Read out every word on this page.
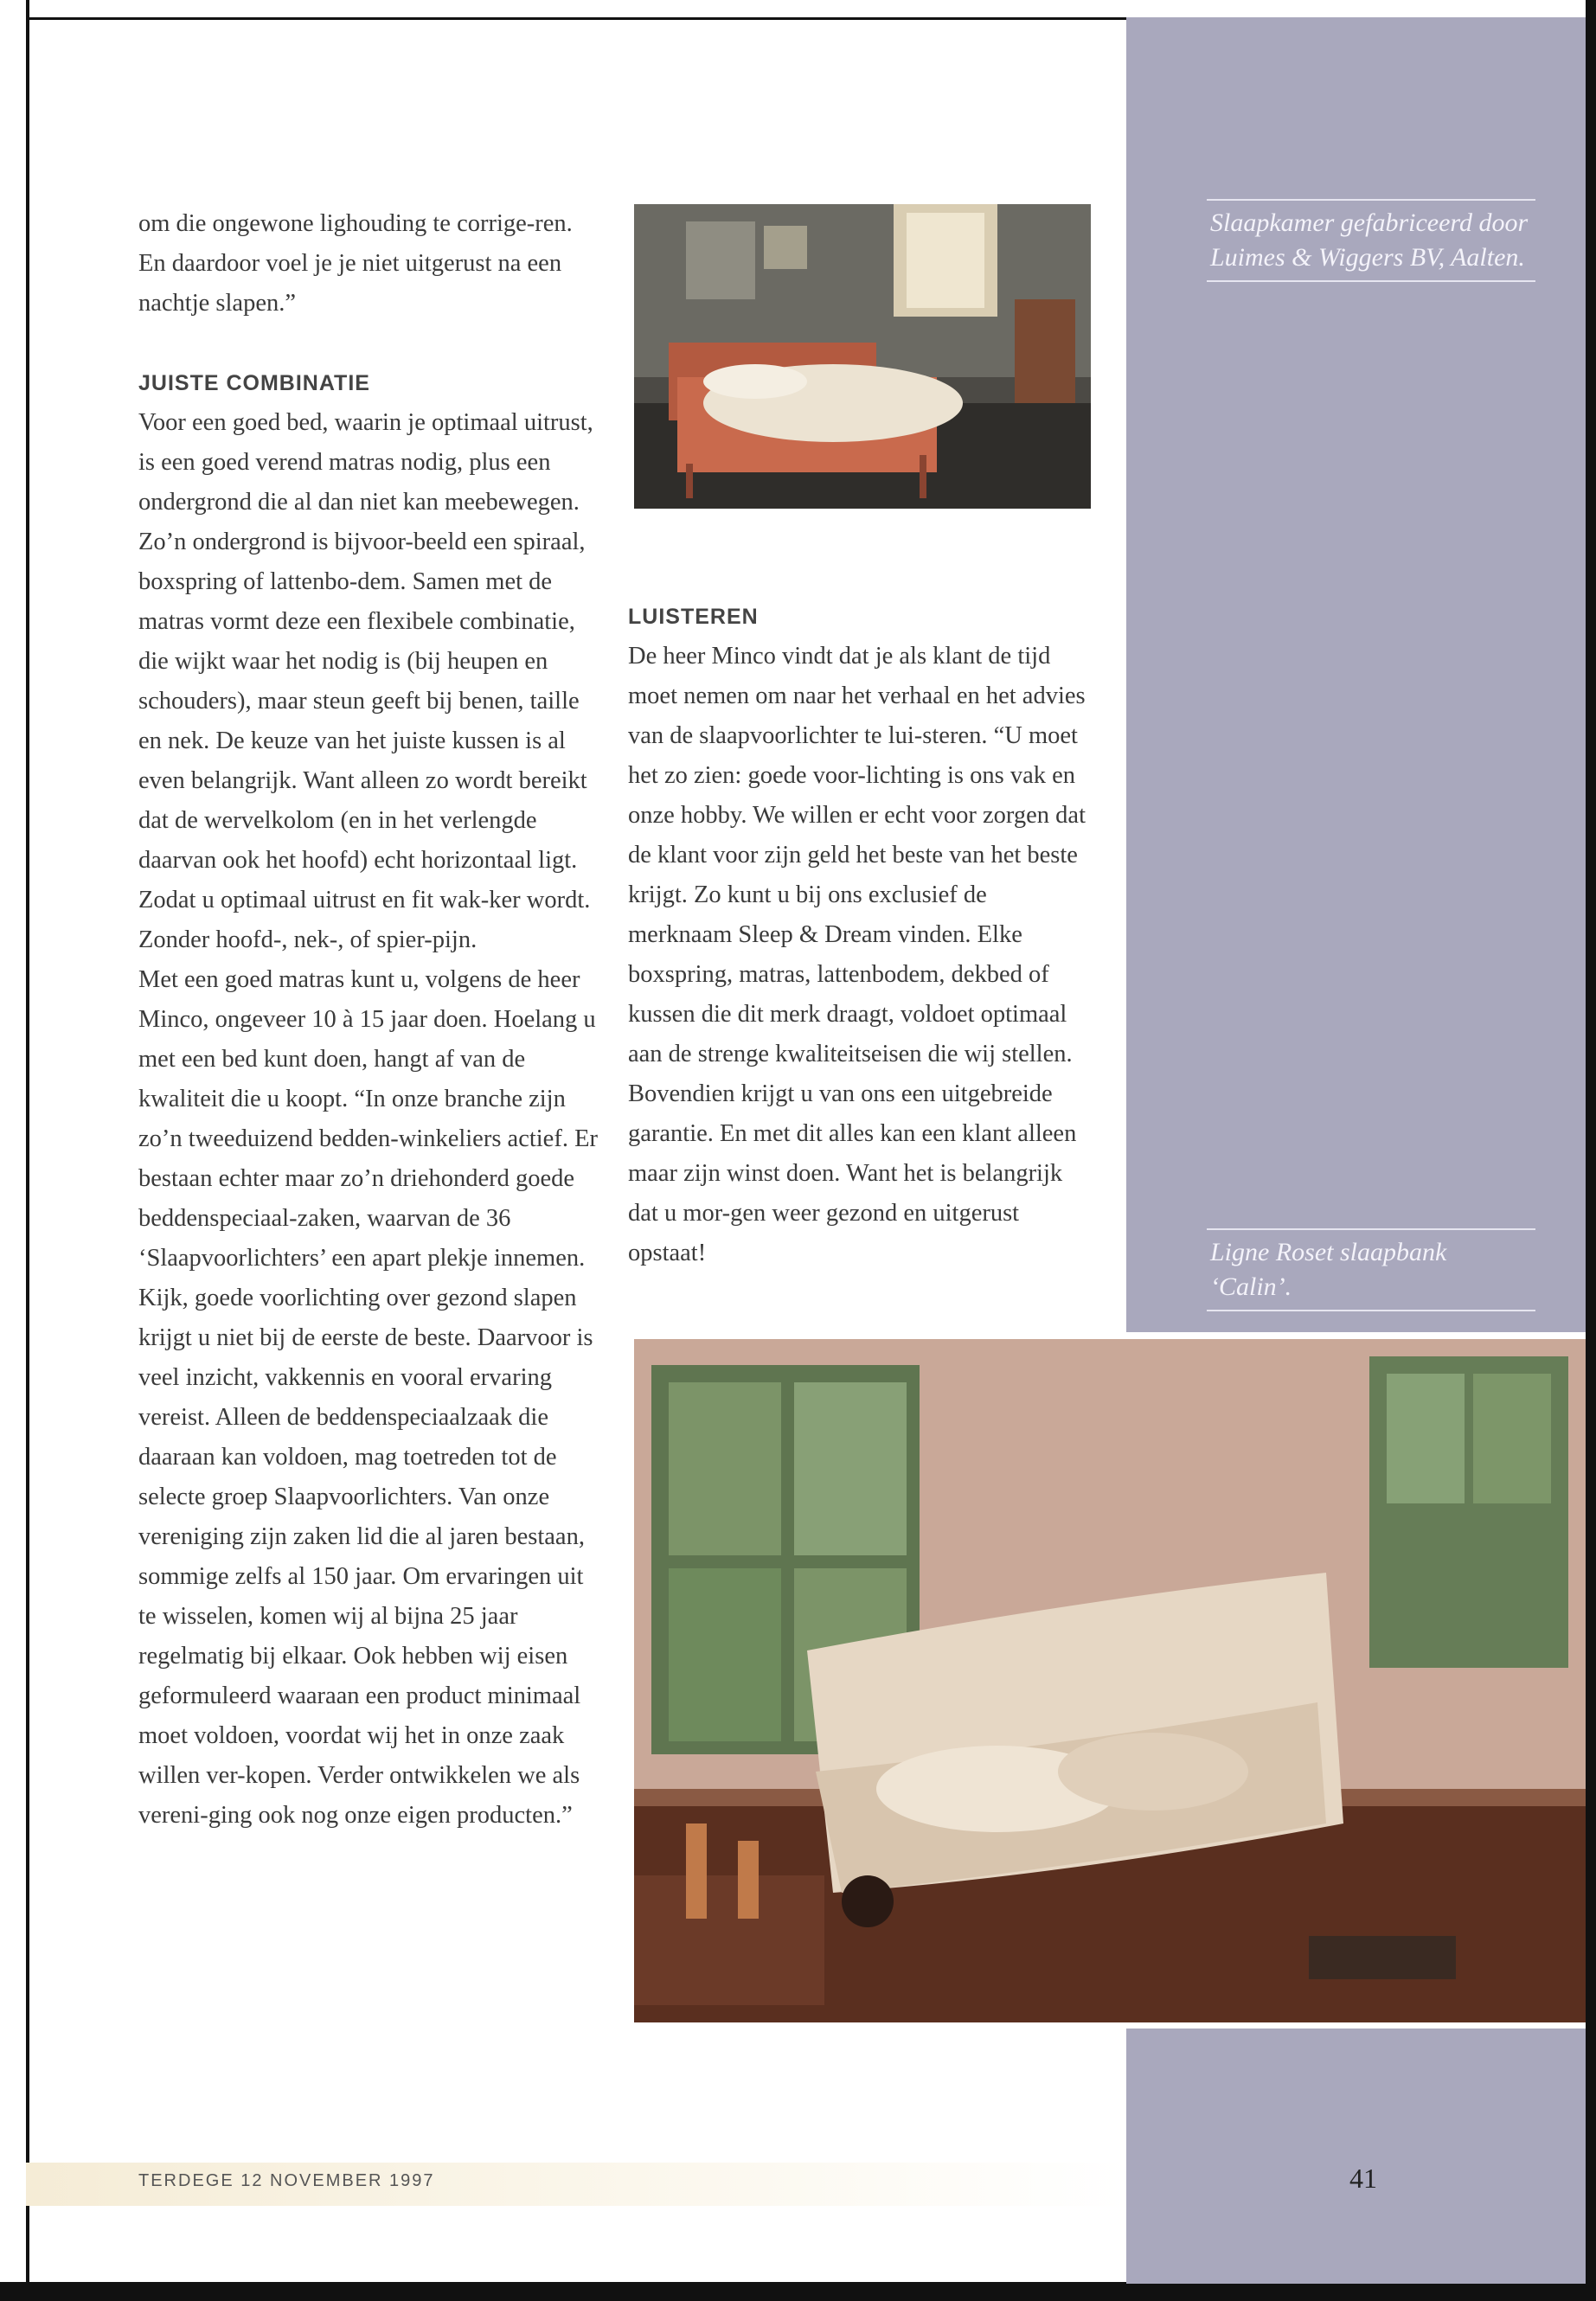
Slaapkamer gefabriceerd door Luimes & Wiggers BV, Aalten.
Ligne Roset slaapbank ‘Calin’.

om die ongewone lighouding te corrige-ren. En daardoor voel je je niet uitgerust na een nachtje slapen.”

JUISTE COMBINATIE

Voor een goed bed, waarin je optimaal uitrust, is een goed verend matras nodig, plus een ondergrond die al dan niet kan meebewegen. Zo’n ondergrond is bijvoor-beeld een spiraal, boxspring of lattenbo-dem. Samen met de matras vormt deze een flexibele combinatie, die wijkt waar het nodig is (bij heupen en schouders), maar steun geeft bij benen, taille en nek. De keuze van het juiste kussen is al even belangrijk. Want alleen zo wordt bereikt dat de wervelkolom (en in het verlengde daarvan ook het hoofd) echt horizontaal ligt. Zodat u optimaal uitrust en fit wak-ker wordt. Zonder hoofd-, nek-, of spier-pijn.

Met een goed matras kunt u, volgens de heer Minco, ongeveer 10 à 15 jaar doen. Hoelang u met een bed kunt doen, hangt af van de kwaliteit die u koopt. “In onze branche zijn zo’n tweeduizend bedden-winkeliers actief. Er bestaan echter maar zo’n driehonderd goede beddenspeciaal-zaken, waarvan de 36 ‘Slaapvoorlichters’ een apart plekje innemen. Kijk, goede voorlichting over gezond slapen krijgt u niet bij de eerste de beste. Daarvoor is veel inzicht, vakkennis en vooral ervaring vereist. Alleen de beddenspeciaalzaak die daaraan kan voldoen, mag toetreden tot de selecte groep Slaapvoorlichters. Van onze vereniging zijn zaken lid die al jaren bestaan, sommige zelfs al 150 jaar. Om ervaringen uit te wisselen, komen wij al bijna 25 jaar regelmatig bij elkaar. Ook hebben wij eisen geformuleerd waaraan een product minimaal moet voldoen, voordat wij het in onze zaak willen ver-kopen. Verder ontwikkelen we als vereni-ging ook nog onze eigen producten.”

LUISTEREN

De heer Minco vindt dat je als klant de tijd moet nemen om naar het verhaal en het advies van de slaapvoorlichter te lui-steren. “U moet het zo zien: goede voor-lichting is ons vak en onze hobby. We willen er echt voor zorgen dat de klant voor zijn geld het beste van het beste krijgt. Zo kunt u bij ons exclusief de merknaam Sleep & Dream vinden. Elke boxspring, matras, lattenbodem, dekbed of kussen die dit merk draagt, voldoet optimaal aan de strenge kwaliteitseisen die wij stellen. Bovendien krijgt u van ons een uitgebreide garantie. En met dit alles kan een klant alleen maar zijn winst doen. Want het is belangrijk dat u mor-gen weer gezond en uitgerust opstaat!

TERDEGE 12 NOVEMBER 1997	41
